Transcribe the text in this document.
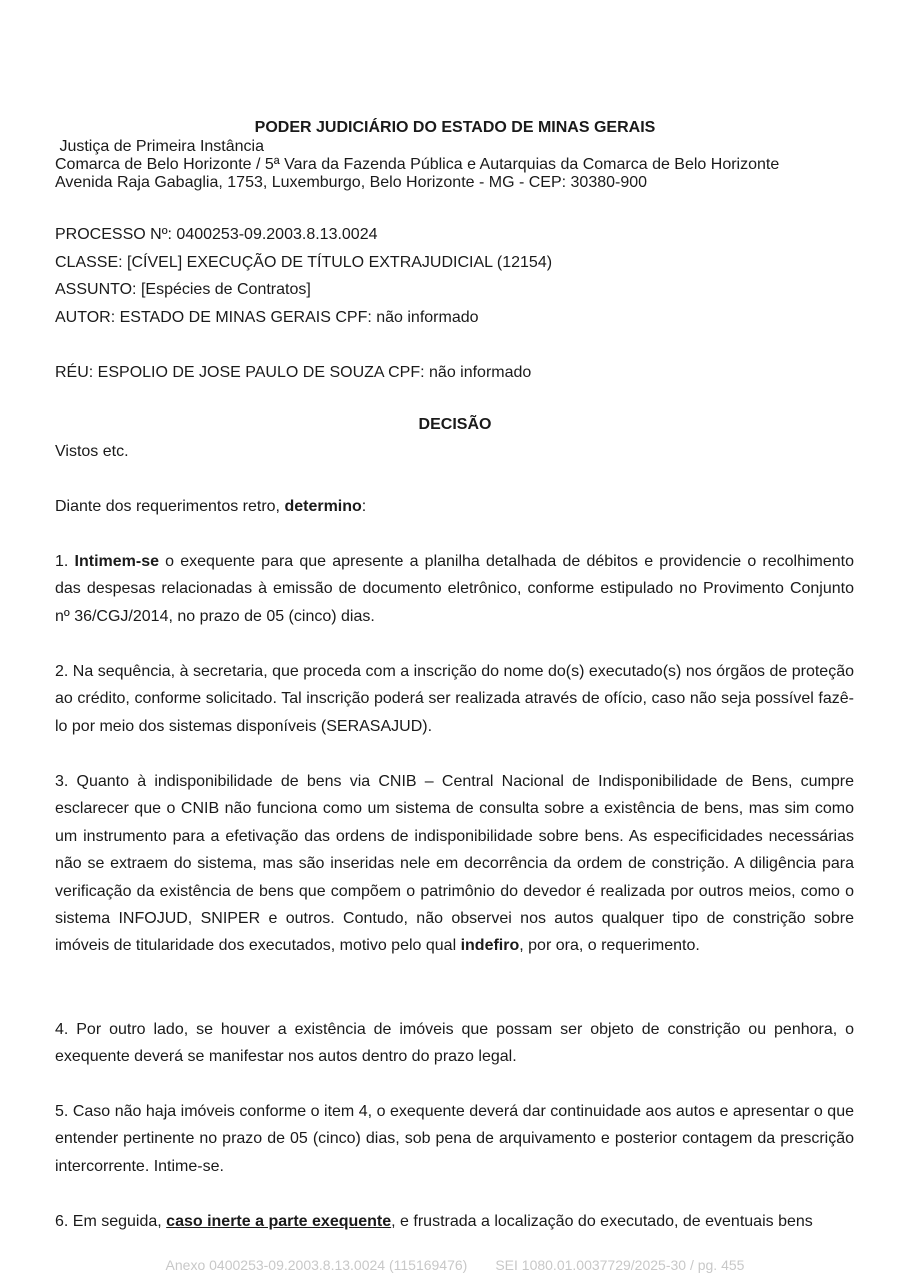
PODER JUDICIÁRIO DO ESTADO DE MINAS GERAIS
Justiça de Primeira Instância
Comarca de Belo Horizonte / 5ª Vara da Fazenda Pública e Autarquias da Comarca de Belo Horizonte
Avenida Raja Gabaglia, 1753, Luxemburgo, Belo Horizonte - MG - CEP: 30380-900
PROCESSO Nº: 0400253-09.2003.8.13.0024
CLASSE: [CÍVEL] EXECUÇÃO DE TÍTULO EXTRAJUDICIAL (12154)
ASSUNTO: [Espécies de Contratos]
AUTOR: ESTADO DE MINAS GERAIS CPF: não informado
RÉU: ESPOLIO DE JOSE PAULO DE SOUZA CPF: não informado
DECISÃO
Vistos etc.

Diante dos requerimentos retro, determino:

1. Intimem-se o exequente para que apresente a planilha detalhada de débitos e providencie o recolhimento das despesas relacionadas à emissão de documento eletrônico, conforme estipulado no Provimento Conjunto nº 36/CGJ/2014, no prazo de 05 (cinco) dias.

2. Na sequência, à secretaria, que proceda com a inscrição do nome do(s) executado(s) nos órgãos de proteção ao crédito, conforme solicitado. Tal inscrição poderá ser realizada através de ofício, caso não seja possível fazê-lo por meio dos sistemas disponíveis (SERASAJUD).

3. Quanto à indisponibilidade de bens via CNIB – Central Nacional de Indisponibilidade de Bens, cumpre esclarecer que o CNIB não funciona como um sistema de consulta sobre a existência de bens, mas sim como um instrumento para a efetivação das ordens de indisponibilidade sobre bens. As especificidades necessárias não se extraem do sistema, mas são inseridas nele em decorrência da ordem de constrição. A diligência para verificação da existência de bens que compõem o patrimônio do devedor é realizada por outros meios, como o sistema INFOJUD, SNIPER e outros. Contudo, não observei nos autos qualquer tipo de constrição sobre imóveis de titularidade dos executados, motivo pelo qual indefiro, por ora, o requerimento.

4. Por outro lado, se houver a existência de imóveis que possam ser objeto de constrição ou penhora, o exequente deverá se manifestar nos autos dentro do prazo legal.

5. Caso não haja imóveis conforme o item 4, o exequente deverá dar continuidade aos autos e apresentar o que entender pertinente no prazo de 05 (cinco) dias, sob pena de arquivamento e posterior contagem da prescrição intercorrente. Intime-se.

6. Em seguida, caso inerte a parte exequente, e frustrada a localização do executado, de eventuais bens

Anexo 0400253-09.2003.8.13.0024 (115169476) SEI 1080.01.0037729/2025-30 / pg. 455
